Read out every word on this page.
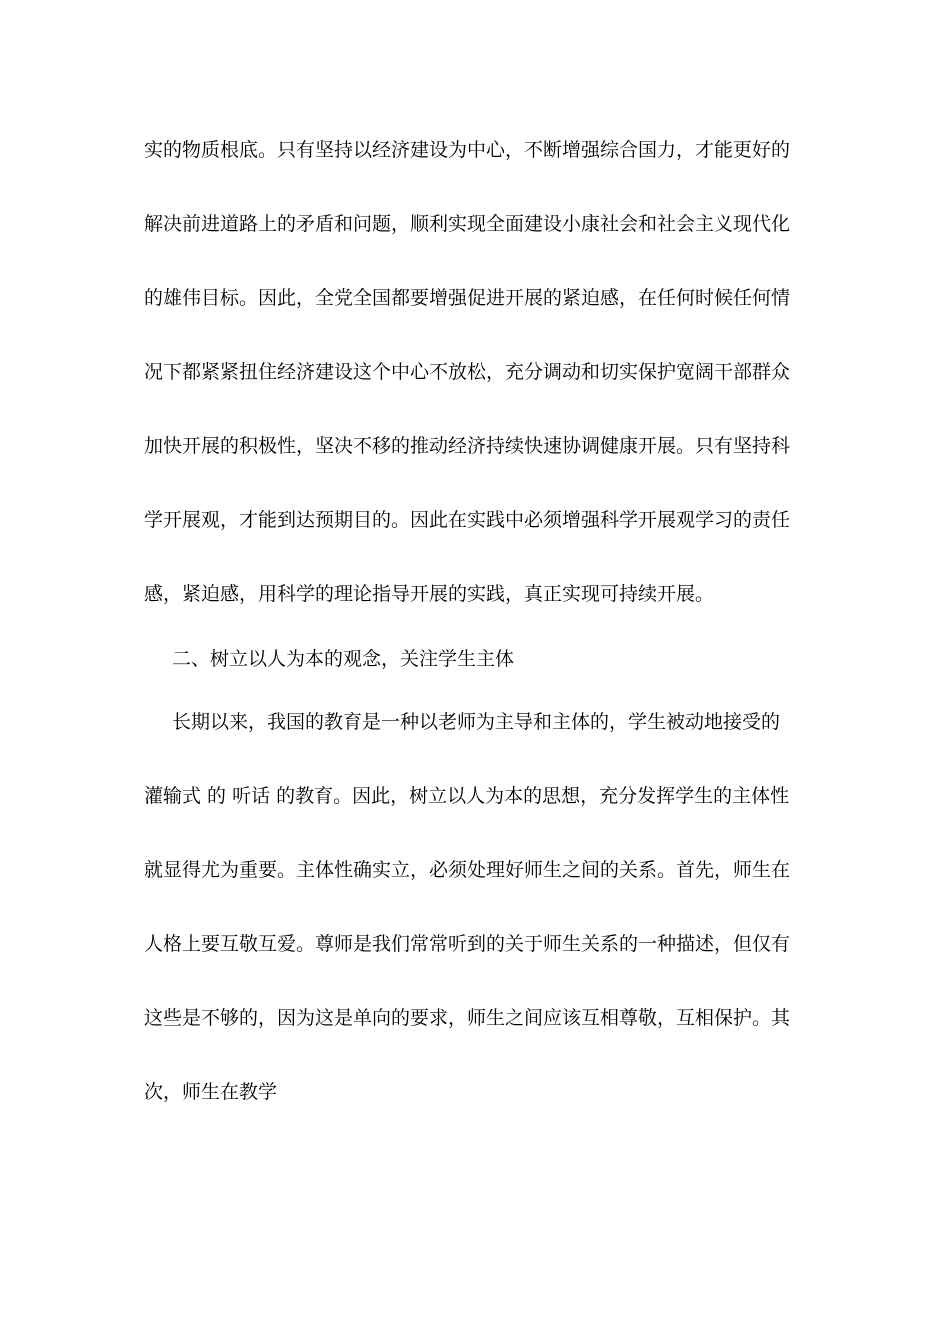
实的物质根底。只有坚持以经济建设为中心，不断增强综合国力，才能更好的
解决前进道路上的矛盾和问题，顺利实现全面建设小康社会和社会主义现代化
的雄伟目标。因此，全党全国都要增强促进开展的紧迫感，在任何时候任何情
况下都紧紧扭住经济建设这个中心不放松，充分调动和切实保护宽阔干部群众
加快开展的积极性，坚决不移的推动经济持续快速协调健康开展。只有坚持科
学开展观，才能到达预期目的。因此在实践中必须增强科学开展观学习的责任
感，紧迫感，用科学的理论指导开展的实践，真正实现可持续开展。
二、树立以人为本的观念，关注学生主体
长期以来，我国的教育是一种以老师为主导和主体的，学生被动地接受的
灌输式 的 听话 的教育。因此，树立以人为本的思想，充分发挥学生的主体性
就显得尤为重要。主体性确实立，必须处理好师生之间的关系。首先，师生在
人格上要互敬互爱。尊师是我们常常听到的关于师生关系的一种描述，但仅有
这些是不够的，因为这是单向的要求，师生之间应该互相尊敬，互相保护。其
次，师生在教学
